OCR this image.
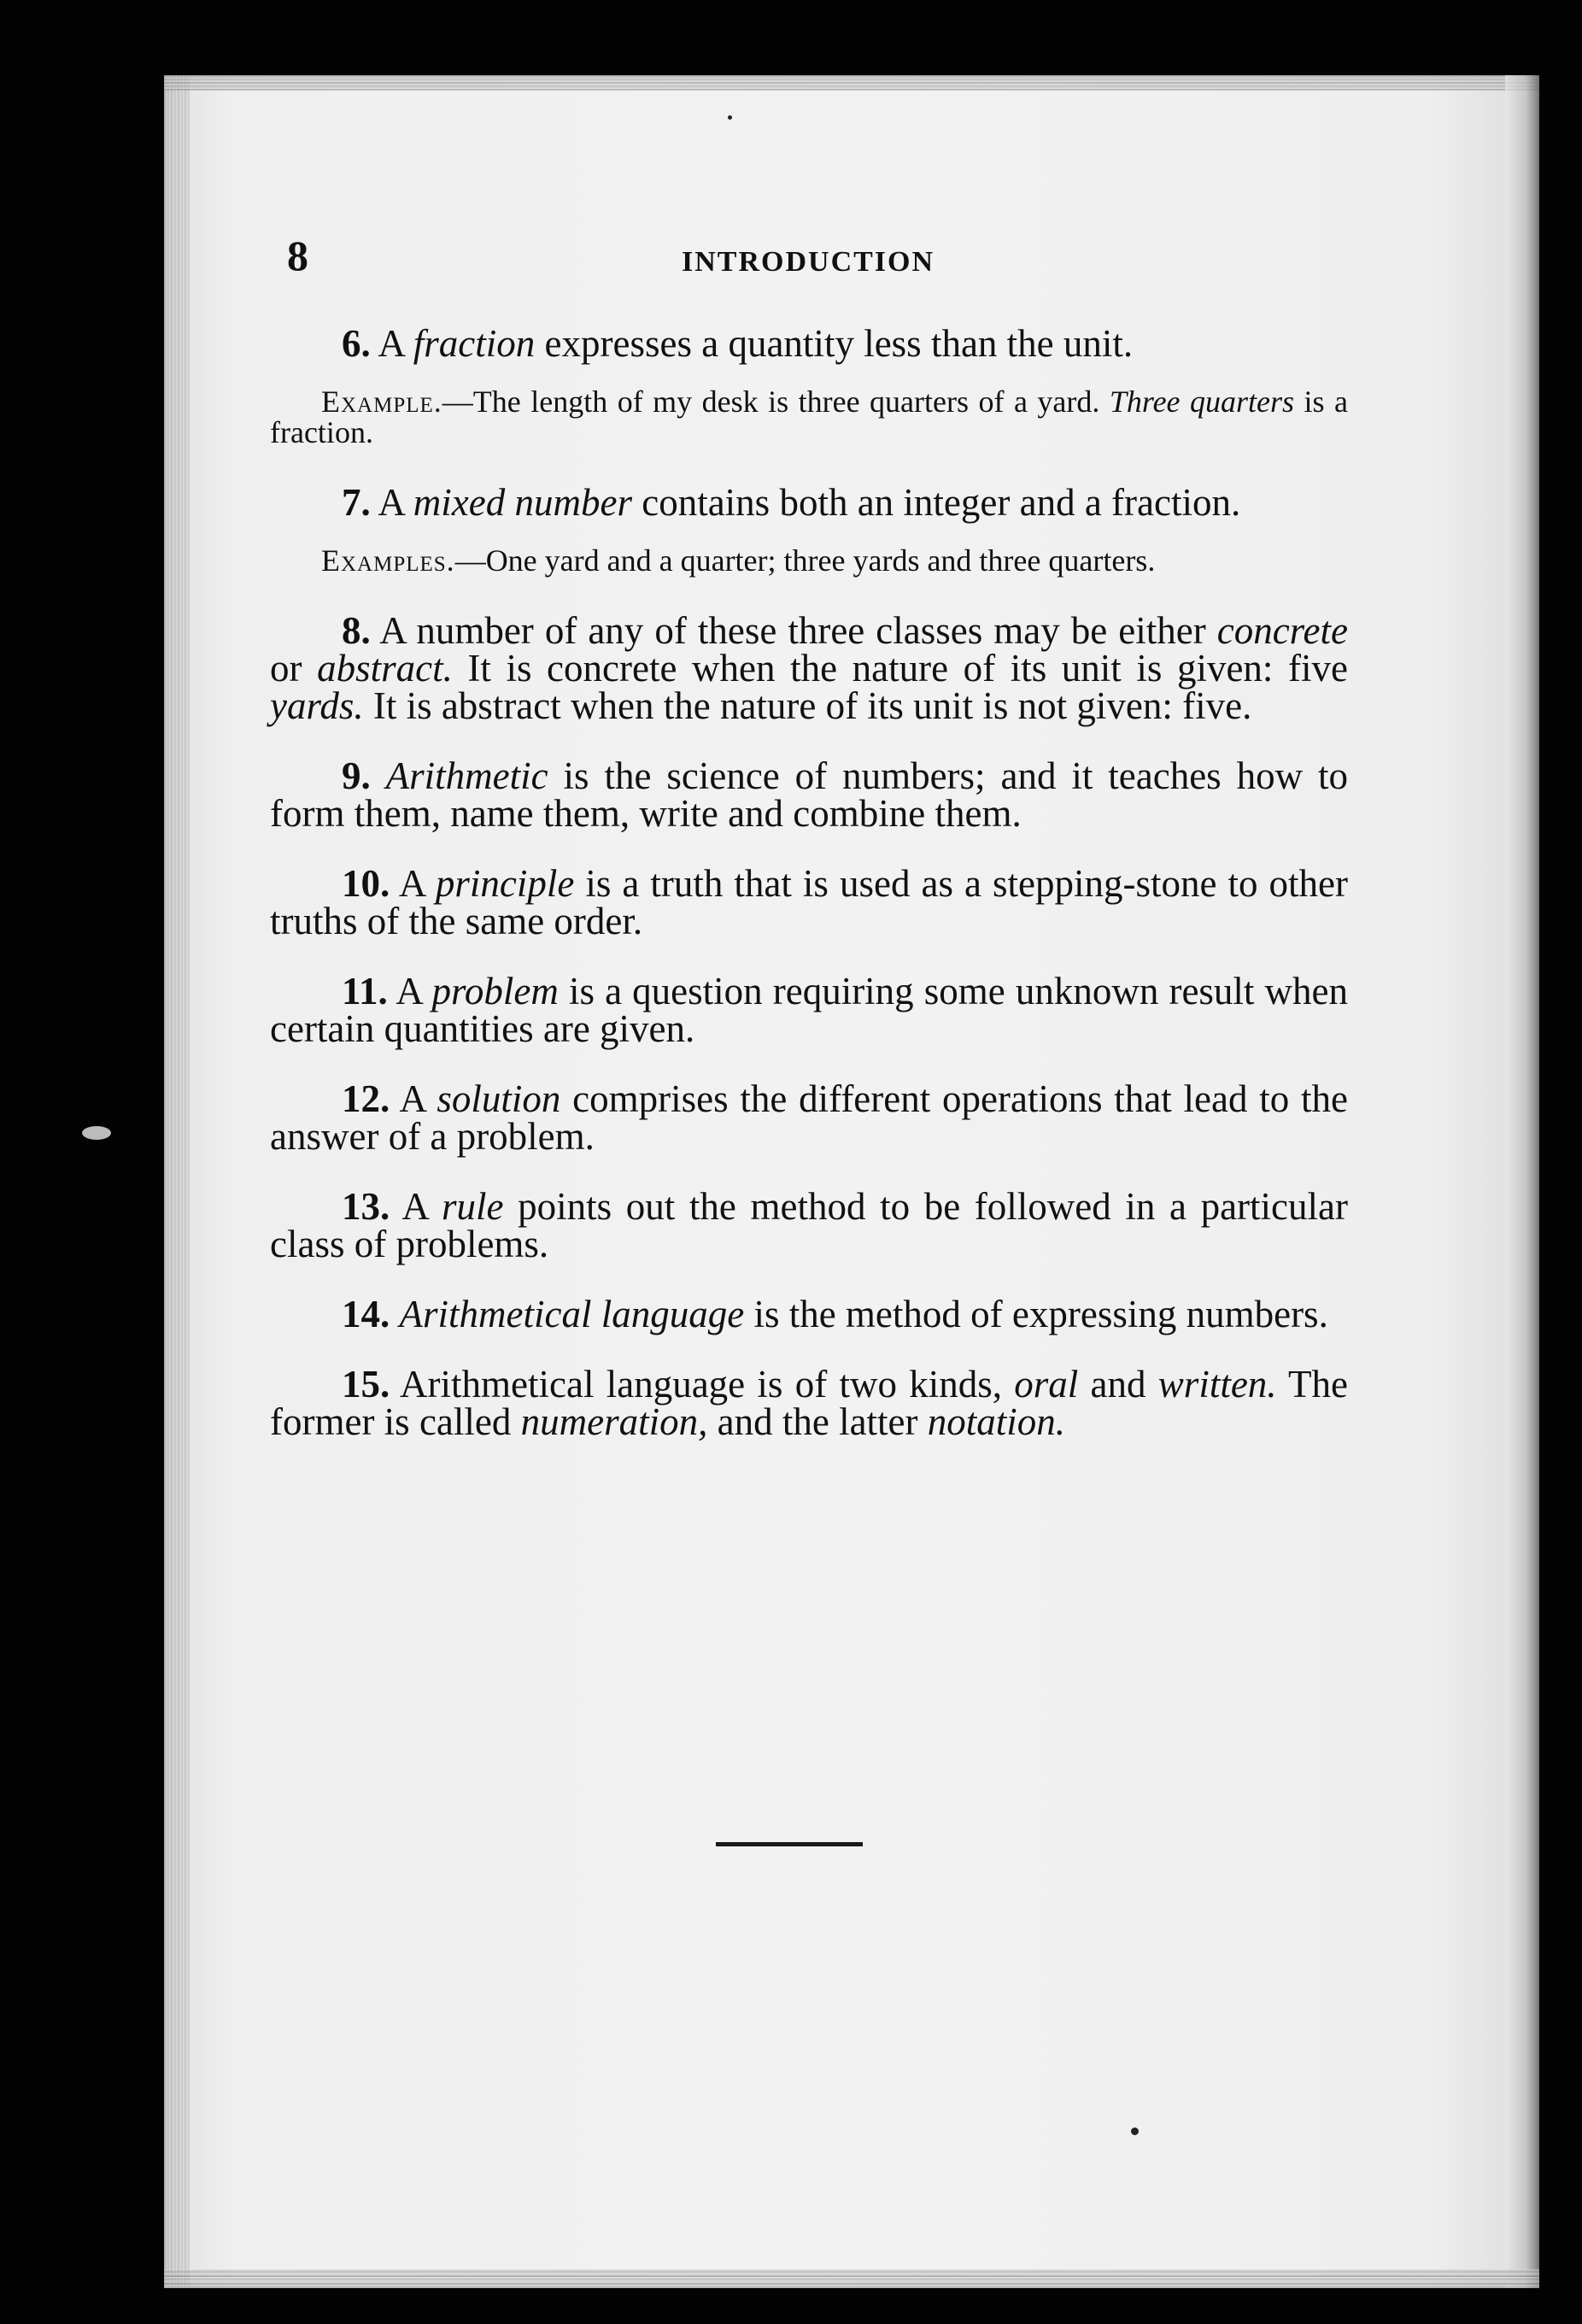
8	INTRODUCTION

6. A fraction expresses a quantity less than the unit.

Example.—The length of my desk is three quarters of a yard. Three quarters is a fraction.

7. A mixed number contains both an integer and a fraction.

Examples.—One yard and a quarter; three yards and three quarters.

8. A number of any of these three classes may be either concrete or abstract. It is concrete when the nature of its unit is given: five yards. It is abstract when the nature of its unit is not given: five.

9. Arithmetic is the science of numbers; and it teaches how to form them, name them, write and combine them.

10. A principle is a truth that is used as a stepping-stone to other truths of the same order.

11. A problem is a question requiring some unknown result when certain quantities are given.

12. A solution comprises the different operations that lead to the answer of a problem.

13. A rule points out the method to be followed in a particular class of problems.

14. Arithmetical language is the method of expressing numbers.

15. Arithmetical language is of two kinds, oral and written. The former is called numeration, and the latter notation.
